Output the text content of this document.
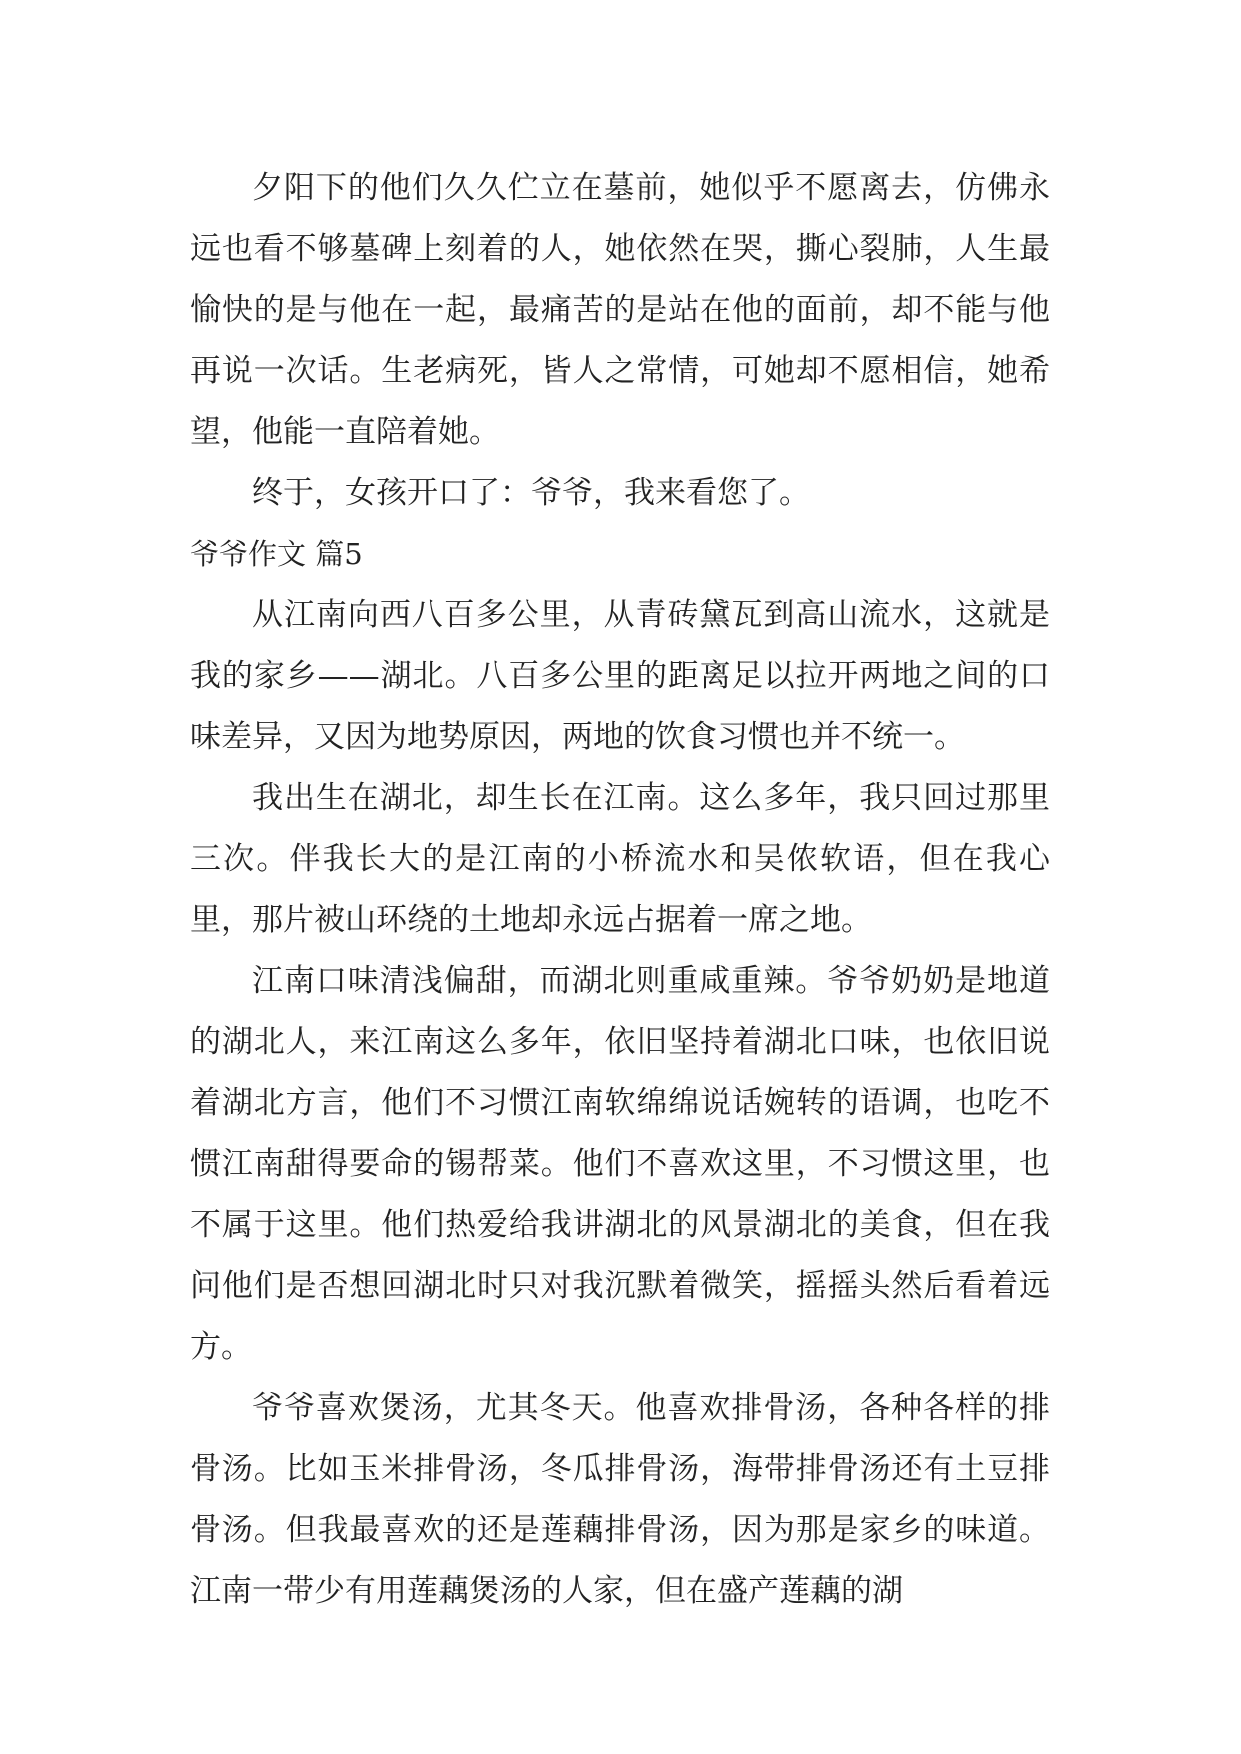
夕阳下的他们久久伫立在墓前，她似乎不愿离去，仿佛永远也看不够墓碑上刻着的人，她依然在哭，撕心裂肺，人生最愉快的是与他在一起，最痛苦的是站在他的面前，却不能与他再说一次话。生老病死，皆人之常情，可她却不愿相信，她希望，他能一直陪着她。

终于，女孩开口了：爷爷，我来看您了。

爷爷作文 篇5

从江南向西八百多公里，从青砖黛瓦到高山流水，这就是我的家乡——湖北。八百多公里的距离足以拉开两地之间的口味差异，又因为地势原因，两地的饮食习惯也并不统一。

我出生在湖北，却生长在江南。这么多年，我只回过那里三次。伴我长大的是江南的小桥流水和吴侬软语，但在我心里，那片被山环绕的土地却永远占据着一席之地。

江南口味清浅偏甜，而湖北则重咸重辣。爷爷奶奶是地道的湖北人，来江南这么多年，依旧坚持着湖北口味，也依旧说着湖北方言，他们不习惯江南软绵绵说话婉转的语调，也吃不惯江南甜得要命的锡帮菜。他们不喜欢这里，不习惯这里，也不属于这里。他们热爱给我讲湖北的风景湖北的美食，但在我问他们是否想回湖北时只对我沉默着微笑，摇摇头然后看着远方。

爷爷喜欢煲汤，尤其冬天。他喜欢排骨汤，各种各样的排骨汤。比如玉米排骨汤，冬瓜排骨汤，海带排骨汤还有土豆排骨汤。但我最喜欢的还是莲藕排骨汤，因为那是家乡的味道。江南一带少有用莲藕煲汤的人家，但在盛产莲藕的湖
